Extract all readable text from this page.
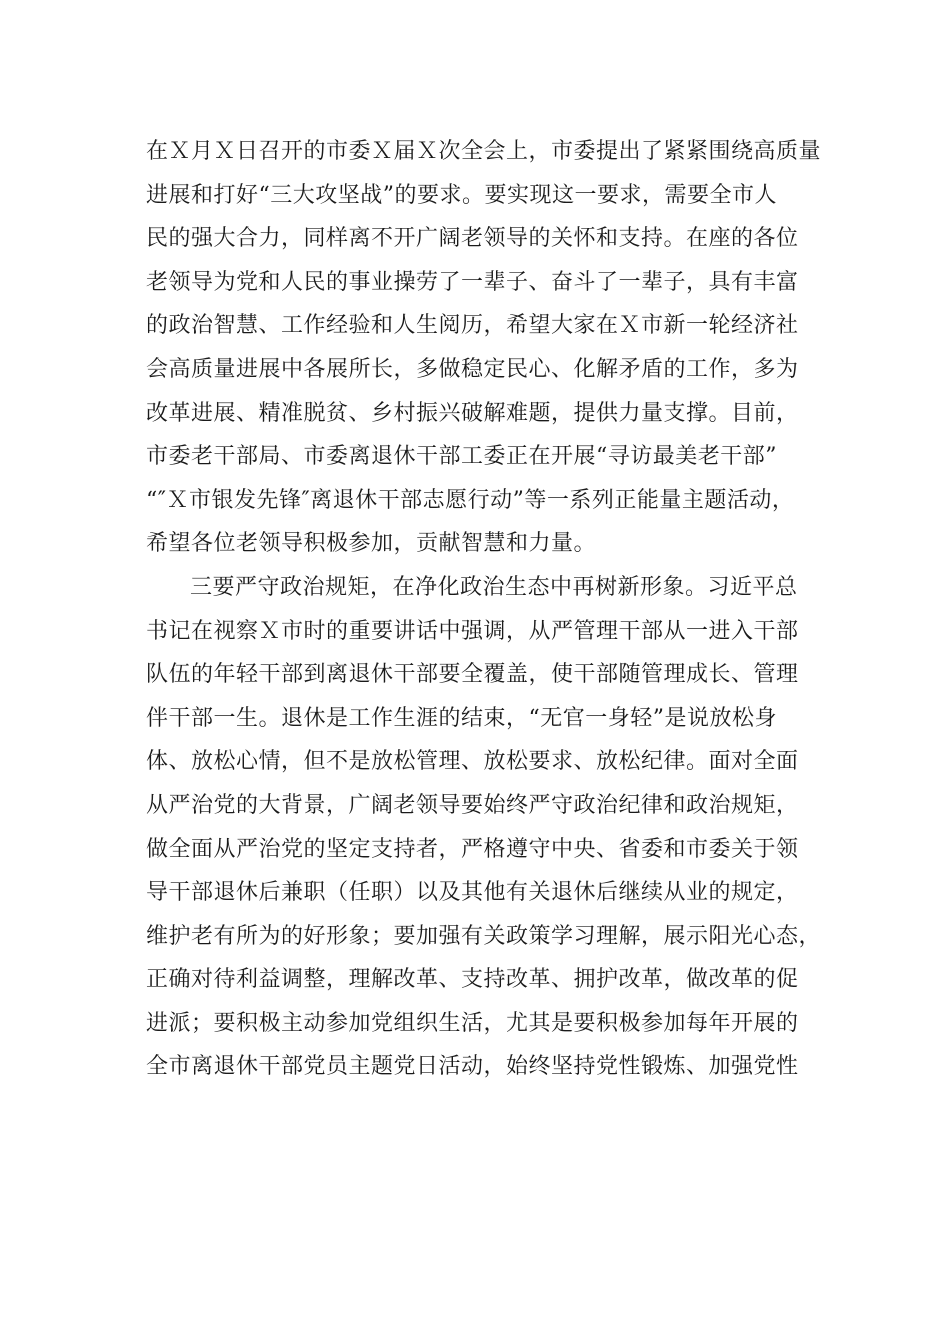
在Ｘ月Ｘ日召开的市委Ｘ届Ｘ次全会上，市委提出了紧紧围绕高质量
进展和打好“三大攻坚战”的要求。要实现这一要求，需要全市人
民的强大合力，同样离不开广阔老领导的关怀和支持。在座的各位
老领导为党和人民的事业操劳了一辈子、奋斗了一辈子，具有丰富
的政治智慧、工作经验和人生阅历，希望大家在Ｘ市新一轮经济社
会高质量进展中各展所长，多做稳定民心、化解矛盾的工作，多为
改革进展、精准脱贫、乡村振兴破解难题，提供力量支撑。目前，
市委老干部局、市委离退休干部工委正在开展“寻访最美老干部”
“″Ｘ市银发先锋″离退休干部志愿行动”等一系列正能量主题活动，
希望各位老领导积极参加，贡献智慧和力量。
三要严守政治规矩，在净化政治生态中再树新形象。习近平总
书记在视察Ｘ市时的重要讲话中强调，从严管理干部从一进入干部
队伍的年轻干部到离退休干部要全覆盖，使干部随管理成长、管理
伴干部一生。退休是工作生涯的结束，“无官一身轻”是说放松身
体、放松心情，但不是放松管理、放松要求、放松纪律。面对全面
从严治党的大背景，广阔老领导要始终严守政治纪律和政治规矩，
做全面从严治党的坚定支持者，严格遵守中央、省委和市委关于领
导干部退休后兼职（任职）以及其他有关退休后继续从业的规定，
维护老有所为的好形象；要加强有关政策学习理解，展示阳光心态，
正确对待利益调整，理解改革、支持改革、拥护改革，做改革的促
进派；要积极主动参加党组织生活，尤其是要积极参加每年开展的
全市离退休干部党员主题党日活动，始终坚持党性锻炼、加强党性
